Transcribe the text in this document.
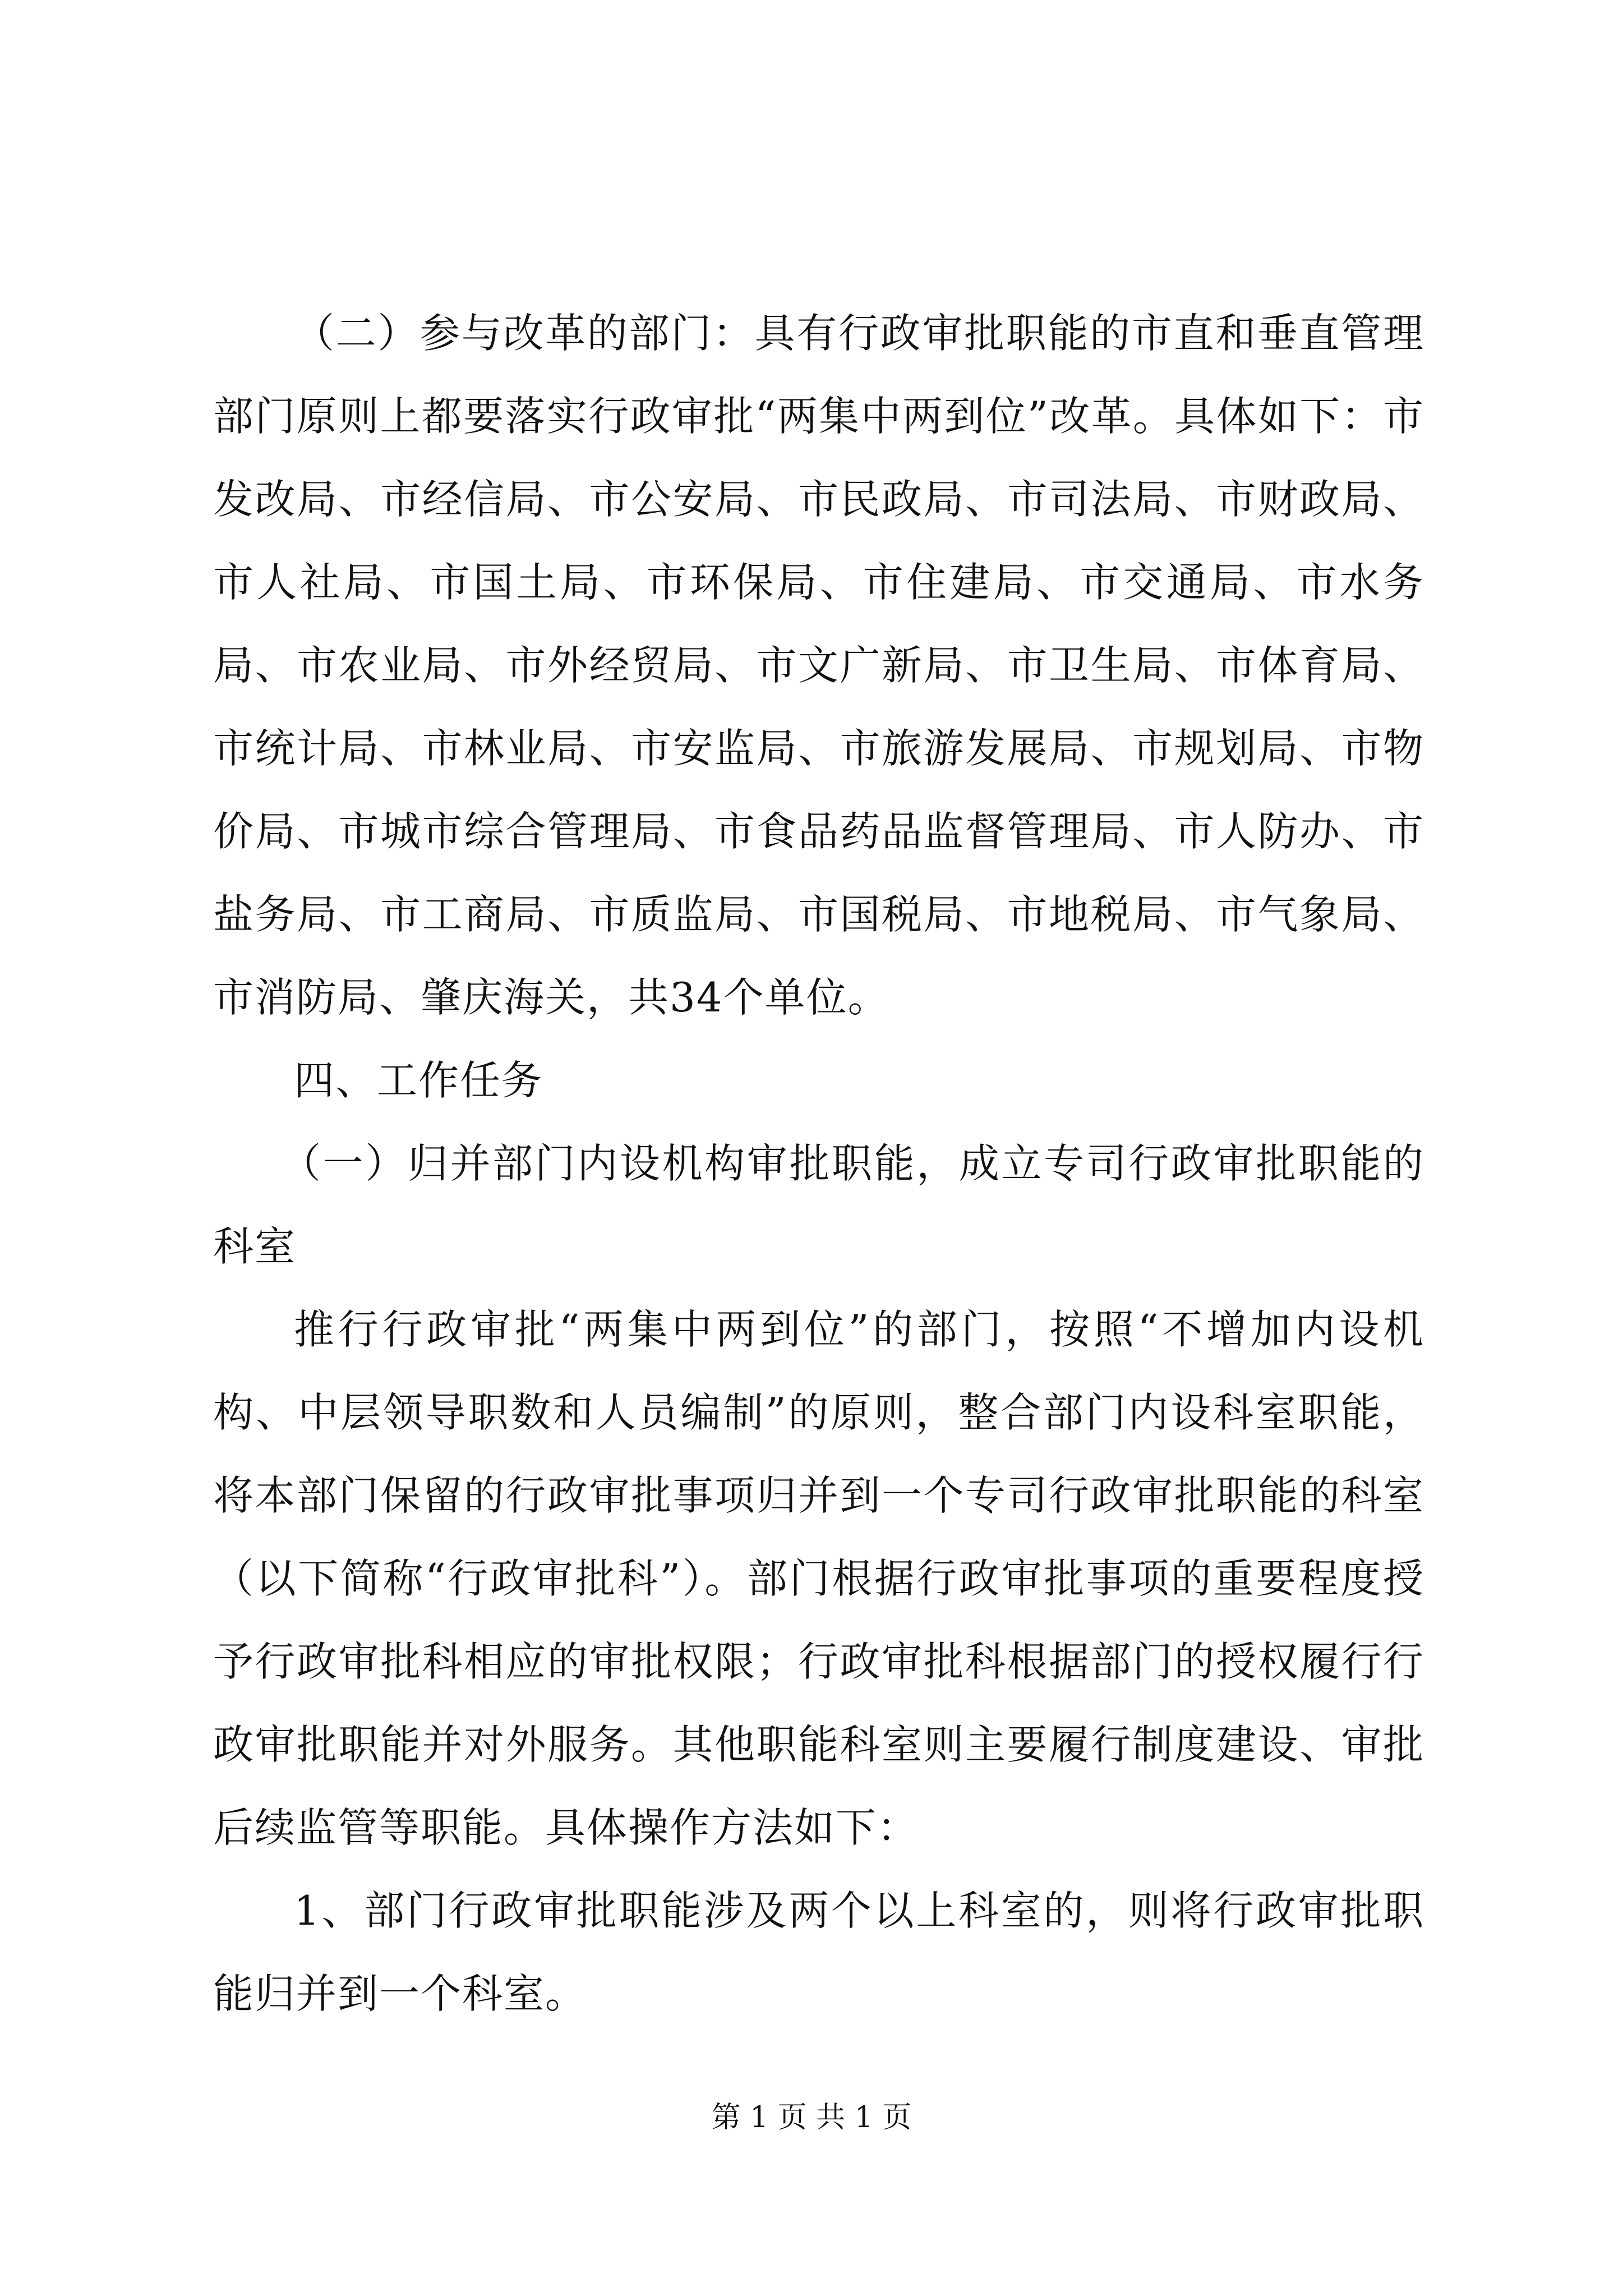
（二）参与改革的部门：具有行政审批职能的市直和垂直管理部门原则上都要落实行政审批“两集中两到位”改革。具体如下：市发改局、市经信局、市公安局、市民政局、市司法局、市财政局、市人社局、市国土局、市环保局、市住建局、市交通局、市水务局、市农业局、市外经贸局、市文广新局、市卫生局、市体育局、市统计局、市林业局、市安监局、市旅游发展局、市规划局、市物价局、市城市综合管理局、市食品药品监督管理局、市人防办、市盐务局、市工商局、市质监局、市国税局、市地税局、市气象局、市消防局、肇庆海关，共34个单位。

四、工作任务

（一）归并部门内设机构审批职能，成立专司行政审批职能的科室

推行行政审批“两集中两到位”的部门，按照“不增加内设机构、中层领导职数和人员编制”的原则，整合部门内设科室职能，将本部门保留的行政审批事项归并到一个专司行政审批职能的科室（以下简称“行政审批科”）。部门根据行政审批事项的重要程度授予行政审批科相应的审批权限；行政审批科根据部门的授权履行行政审批职能并对外服务。其他职能科室则主要履行制度建设、审批后续监管等职能。具体操作方法如下：

1、部门行政审批职能涉及两个以上科室的，则将行政审批职能归并到一个科室。

第 1 页 共 1 页
